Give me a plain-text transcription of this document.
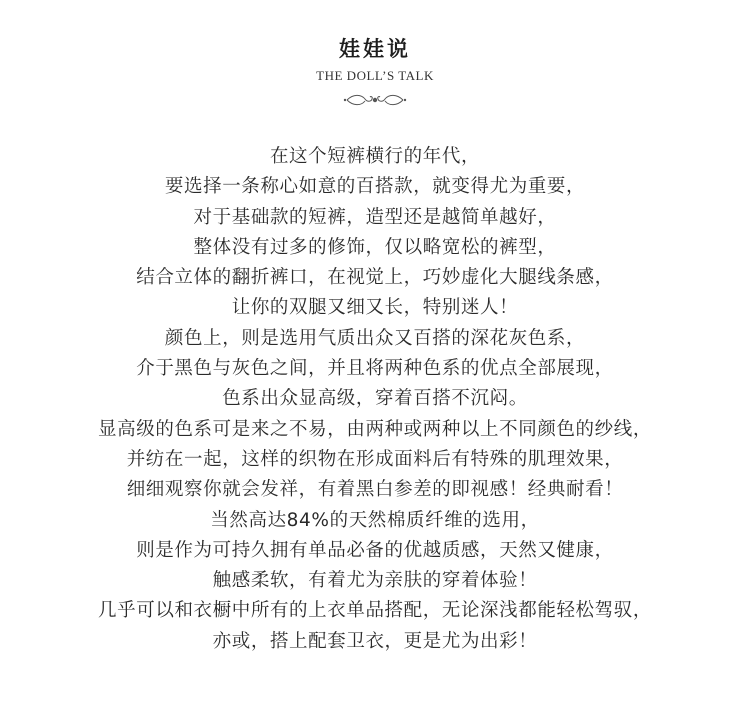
娃娃说
THE DOLL’S TALK
在这个短裤横行的年代，
要选择一条称心如意的百搭款，就变得尤为重要，
对于基础款的短裤，造型还是越简单越好，
整体没有过多的修饰，仅以略宽松的裤型，
结合立体的翻折裤口，在视觉上，巧妙虚化大腿线条感，
让你的双腿又细又长，特别迷人！
颜色上，则是选用气质出众又百搭的深花灰色系，
介于黑色与灰色之间，并且将两种色系的优点全部展现，
色系出众显高级，穿着百搭不沉闷。
显高级的色系可是来之不易，由两种或两种以上不同颜色的纱线，
并纺在一起，这样的织物在形成面料后有特殊的肌理效果，
细细观察你就会发祥，有着黑白参差的即视感！经典耐看！
当然高达84%的天然棉质纤维的选用，
则是作为可持久拥有单品必备的优越质感，天然又健康，
触感柔软，有着尤为亲肤的穿着体验！
几乎可以和衣橱中所有的上衣单品搭配，无论深浅都能轻松驾驭，
亦或，搭上配套卫衣，更是尤为出彩！
